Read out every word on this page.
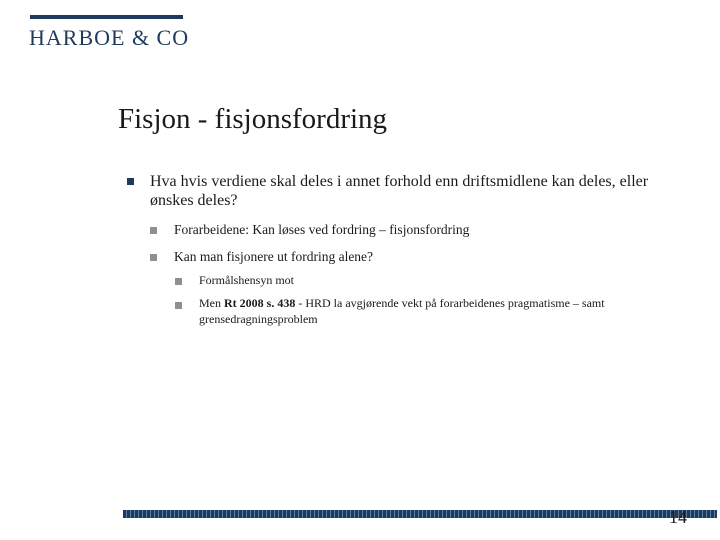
HARBOE & CO
Fisjon - fisjonsfordring
Hva hvis verdiene skal deles i annet forhold enn driftsmidlene kan deles, eller ønskes deles?
Forarbeidene: Kan løses ved fordring – fisjonsfordring
Kan man fisjonere ut fordring alene?
Formålshensyn mot
Men Rt 2008 s. 438 - HRD la avgjørende vekt på forarbeidenes pragmatisme – samt grensedragningsproblem
14
